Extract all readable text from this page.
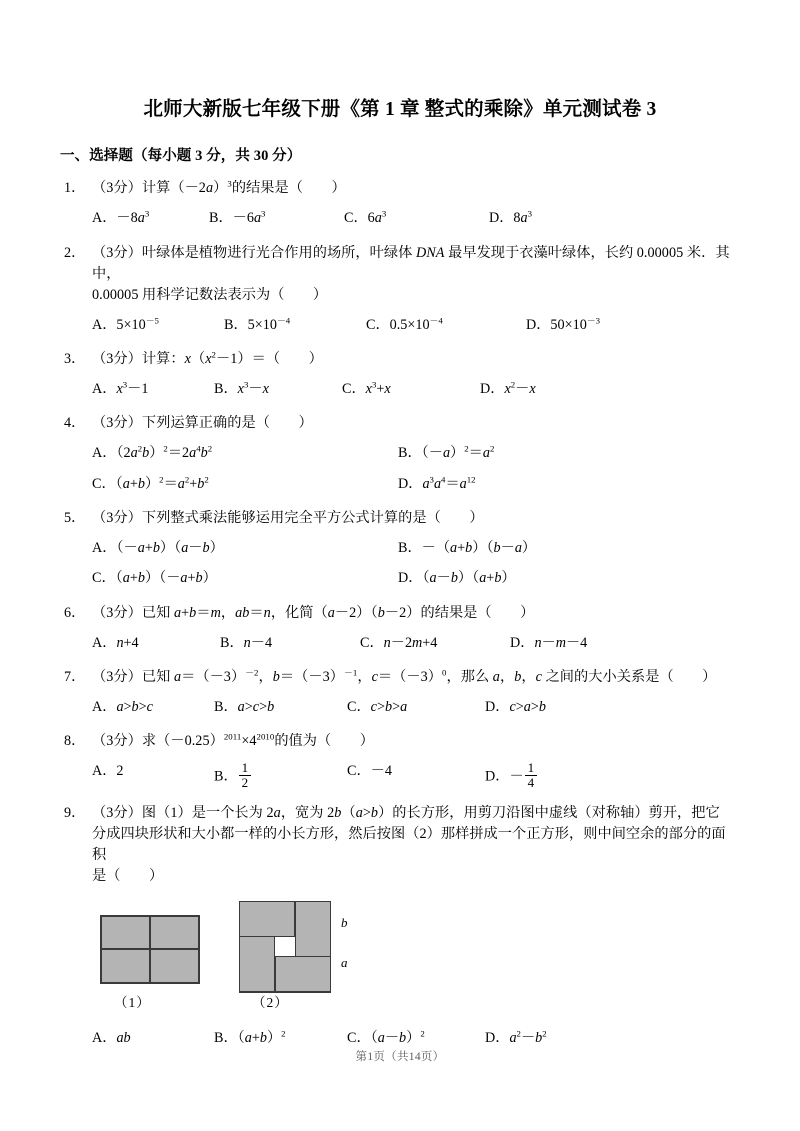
北师大新版七年级下册《第 1 章 整式的乘除》单元测试卷 3
一、选择题（每小题 3 分，共 30 分）
1． （3分）计算$(-2a)^3$的结果是（　　）
A．$-8a^3$	B．$-6a^3$	C．$6a^3$	D．$8a^3$
2． （3分）叶绿体是植物进行光合作用的场所，叶绿体 DNA 最早发现于衣藻叶绿体，长约 0.00005 米．其中，
0.00005 用科学记数法表示为（　　）
A．$5\times 10^{-5}$	B．$5\times 10^{-4}$	C．$0.5\times 10^{-4}$	D．$50\times 10^{-3}$
3． （3分）计算：$x(x^2-1)=$（　　）
A．$x^3-1$	B．$x^3-x$	C．$x^3+x$	D．$x^2-x$
4． （3分）下列运算正确的是（　　）
A．$(2a^2b)^2=2a^4b^2$	B．$(-a)^2=a^2$
C．$(a+b)^2=a^2+b^2$	D．$a^3a^4=a^{12}$
5． （3分）下列整式乘法能够运用完全平方公式计算的是（　　）
A．（－a+b）（a－b）	B．－（a+b）（b－a）
C．（a+b）（－a+b）	D．（a－b）（a+b）
6． （3分）已知 a+b＝m，ab＝n，化简（a－2）（b－2）的结果是（　　）
A．n+4	B．n－4	C．n－2m+4	D．n－m－4
7． （3分）已知 $a=(-3)^{-2}$，$b=(-3)^{-1}$，$c=(-3)^0$，那么 a，b，c 之间的大小关系是（　　）
A．a>b>c	B．a>c>b	C．c>b>a	D．c>a>b
8． （3分）求$(-0.25)^{2011}\times 4^{2010}$的值为（　　）
A．2	B． $\frac{1}{2}$	C．－4	D．－ $\frac{1}{4}$
9． （3分）图（1）是一个长为 2a，宽为 2b（a>b）的长方形，用剪刀沿图中虚线（对称轴）剪开，把它
分成四块形状和大小都一样的小长方形，然后按图（2）那样拼成一个正方形，则中间空余的部分的面积
是（　　）
b
a
（1）	（2）
A．ab	B．$(a+b)^2$	C．$(a-b)^2$	D．$a^2-b^2$
第1页（共14页）
